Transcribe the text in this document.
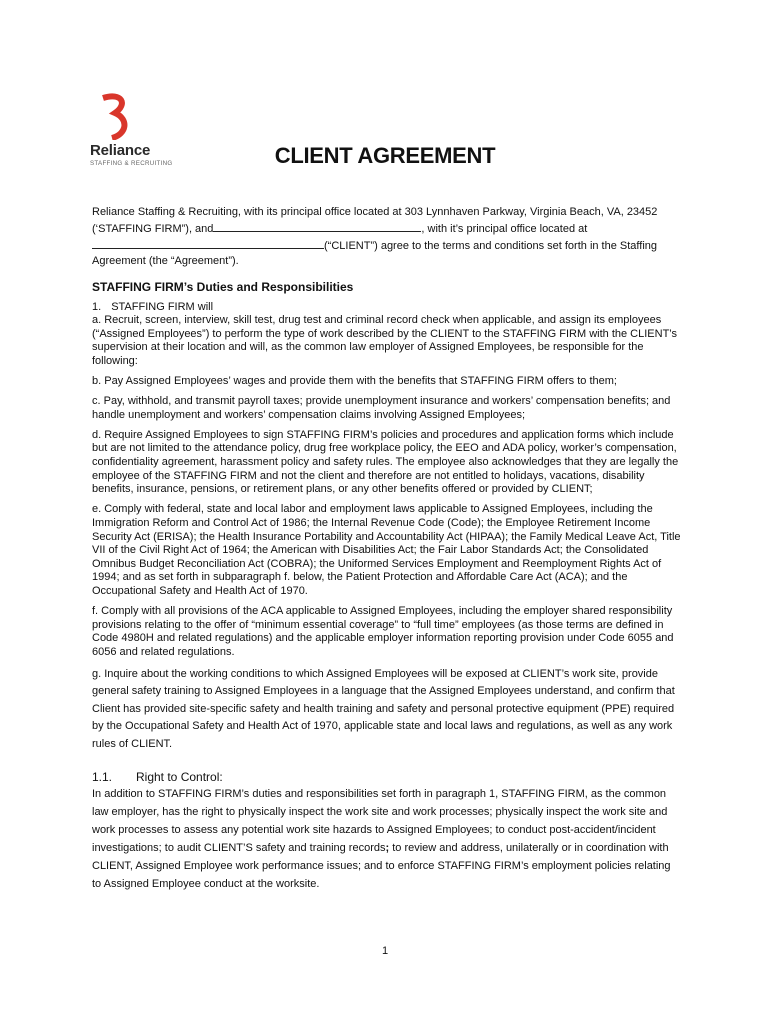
Reliance
STAFFING & RECRUITING	CLIENT AGREEMENT

Reliance Staffing & Recruiting, with its principal office located at 303 Lynnhaven Parkway, Virginia Beach, VA, 23452 (‘STAFFING FIRM”), and	, with it’s principal office located at
(“CLIENT”) agree to the terms and conditions set forth in the Staffing Agreement (the “Agreement”).

STAFFING FIRM’s Duties and Responsibilities
1. STAFFING FIRM will

a. Recruit, screen, interview, skill test, drug test and criminal record check when applicable, and assign its employees (“Assigned Employees”) to perform the type of work described by the CLIENT to the STAFFING FIRM with the CLIENT’s supervision at their location and will, as the common law employer of Assigned Employees, be responsible for the following:

b. Pay Assigned Employees’ wages and provide them with the benefits that STAFFING FIRM offers to them;

c. Pay, withhold, and transmit payroll taxes; provide unemployment insurance and workers’ compensation benefits; and handle unemployment and workers’ compensation claims involving Assigned Employees;

d. Require Assigned Employees to sign STAFFING FIRM’s policies and procedures and application forms which include but are not limited to the attendance policy, drug free workplace policy, the EEO and ADA policy, worker’s compensation, confidentiality agreement, harassment policy and safety rules. The employee also acknowledges that they are legally the employee of the STAFFING FIRM and not the client and therefore are not entitled to holidays, vacations, disability benefits, insurance, pensions, or retirement plans, or any other benefits offered or provided by CLIENT;

e. Comply with federal, state and local labor and employment laws applicable to Assigned Employees, including the Immigration Reform and Control Act of 1986; the Internal Revenue Code (Code); the Employee Retirement Income Security Act (ERISA); the Health Insurance Portability and Accountability Act (HIPAA); the Family Medical Leave Act, Title VII of the Civil Right Act of 1964; the American with Disabilities Act; the Fair Labor Standards Act; the Consolidated Omnibus Budget Reconciliation Act (COBRA); the Uniformed Services Employment and Reemployment Rights Act of 1994; and as set forth in subparagraph f. below, the Patient Protection and Affordable Care Act (ACA); and the Occupational Safety and Health Act of 1970.

f. Comply with all provisions of the ACA applicable to Assigned Employees, including the employer shared responsibility provisions relating to the offer of “minimum essential coverage” to “full time” employees (as those terms are defined in Code 4980H and related regulations) and the applicable employer information reporting provision under Code 6055 and 6056 and related regulations.

g. Inquire about the working conditions to which Assigned Employees will be exposed at CLIENT’s work site, provide general safety training to Assigned Employees in a language that the Assigned Employees understand, and confirm that Client has provided site-specific safety and health training and safety and personal protective equipment (PPE) required by the Occupational Safety and Health Act of 1970, applicable state and local laws and regulations, as well as any work rules of CLIENT.

1.1.	Right to Control:

In addition to STAFFING FIRM’s duties and responsibilities set forth in paragraph 1, STAFFING FIRM, as the common law employer, has the right to physically inspect the work site and work processes; physically inspect the work site and work processes to assess any potential work site hazards to Assigned Employees; to conduct post-accident/incident investigations; to audit CLIENT’S safety and training records; to review and address, unilaterally or in coordination with CLIENT, Assigned Employee work performance issues; and to enforce STAFFING FIRM’s employment policies relating to Assigned Employee conduct at the worksite.

1
